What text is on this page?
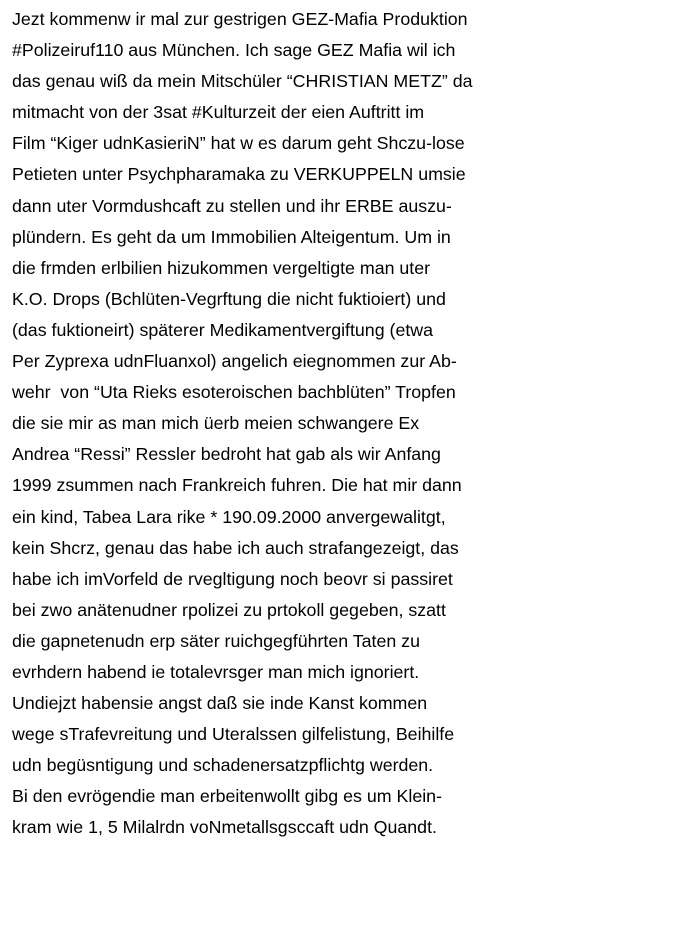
Jezt kommenw ir mal zur gestrigen GEZ-Mafia Produktion
#Polizeiruf110 aus München. Ich sage GEZ Mafia wil ich
das genau wiß da mein Mitschüler “CHRISTIAN METZ” da
mitmacht von der 3sat #Kulturzeit der eien Auftritt im
Film “Kiger udnKasieriN” hat w es darum geht Shczu-lose
Petieten unter Psychpharamaka zu VERKUPPELN umsie
dann uter Vormdushcaft zu stellen und ihr ERBE auszu-
plündern. Es geht da um Immobilien Alteigentum. Um in
die frmden erlbilien hizukommen vergeltigte man uter
K.O. Drops (Bchlüten-Vegrftung die nicht fuktioiert) und
(das fuktioneirt) späterer Medikamentvergiftung (etwa
Per Zyprexa udnFluanxol) angelich eiegnommen zur Ab-
wehr  von “Uta Rieks esoteroischen bachblüten” Tropfen
die sie mir as man mich üerb meien schwangere Ex
Andrea “Ressi” Ressler bedroht hat gab als wir Anfang
1999 zsummen nach Frankreich fuhren. Die hat mir dann
ein kind, Tabea Lara rike * 190.09.2000 anvergewalitgt,
kein Shcrz, genau das habe ich auch strafangezeigt, das
habe ich imVorfeld de rvegltigung noch beovr si passiret
bei zwo anätenudner rpolizei zu prtokoll gegeben, szatt
die gapnetenudn erp säter ruichgegführten Taten zu
evrhdern habend ie totalevrsger man mich ignoriert.
Undiejzt habensie angst daß sie inde Kanst kommen
wege sTrafevreitung und Uteralssen gilfelistung, Beihilfe
udn begüsntigung und schadenersatzpflichtg werden.
Bi den evrögendie man erbeitenwollt gibg es um Klein-
kram wie 1, 5 Milalrdn voNmetallsgsccaft udn Quandt.
